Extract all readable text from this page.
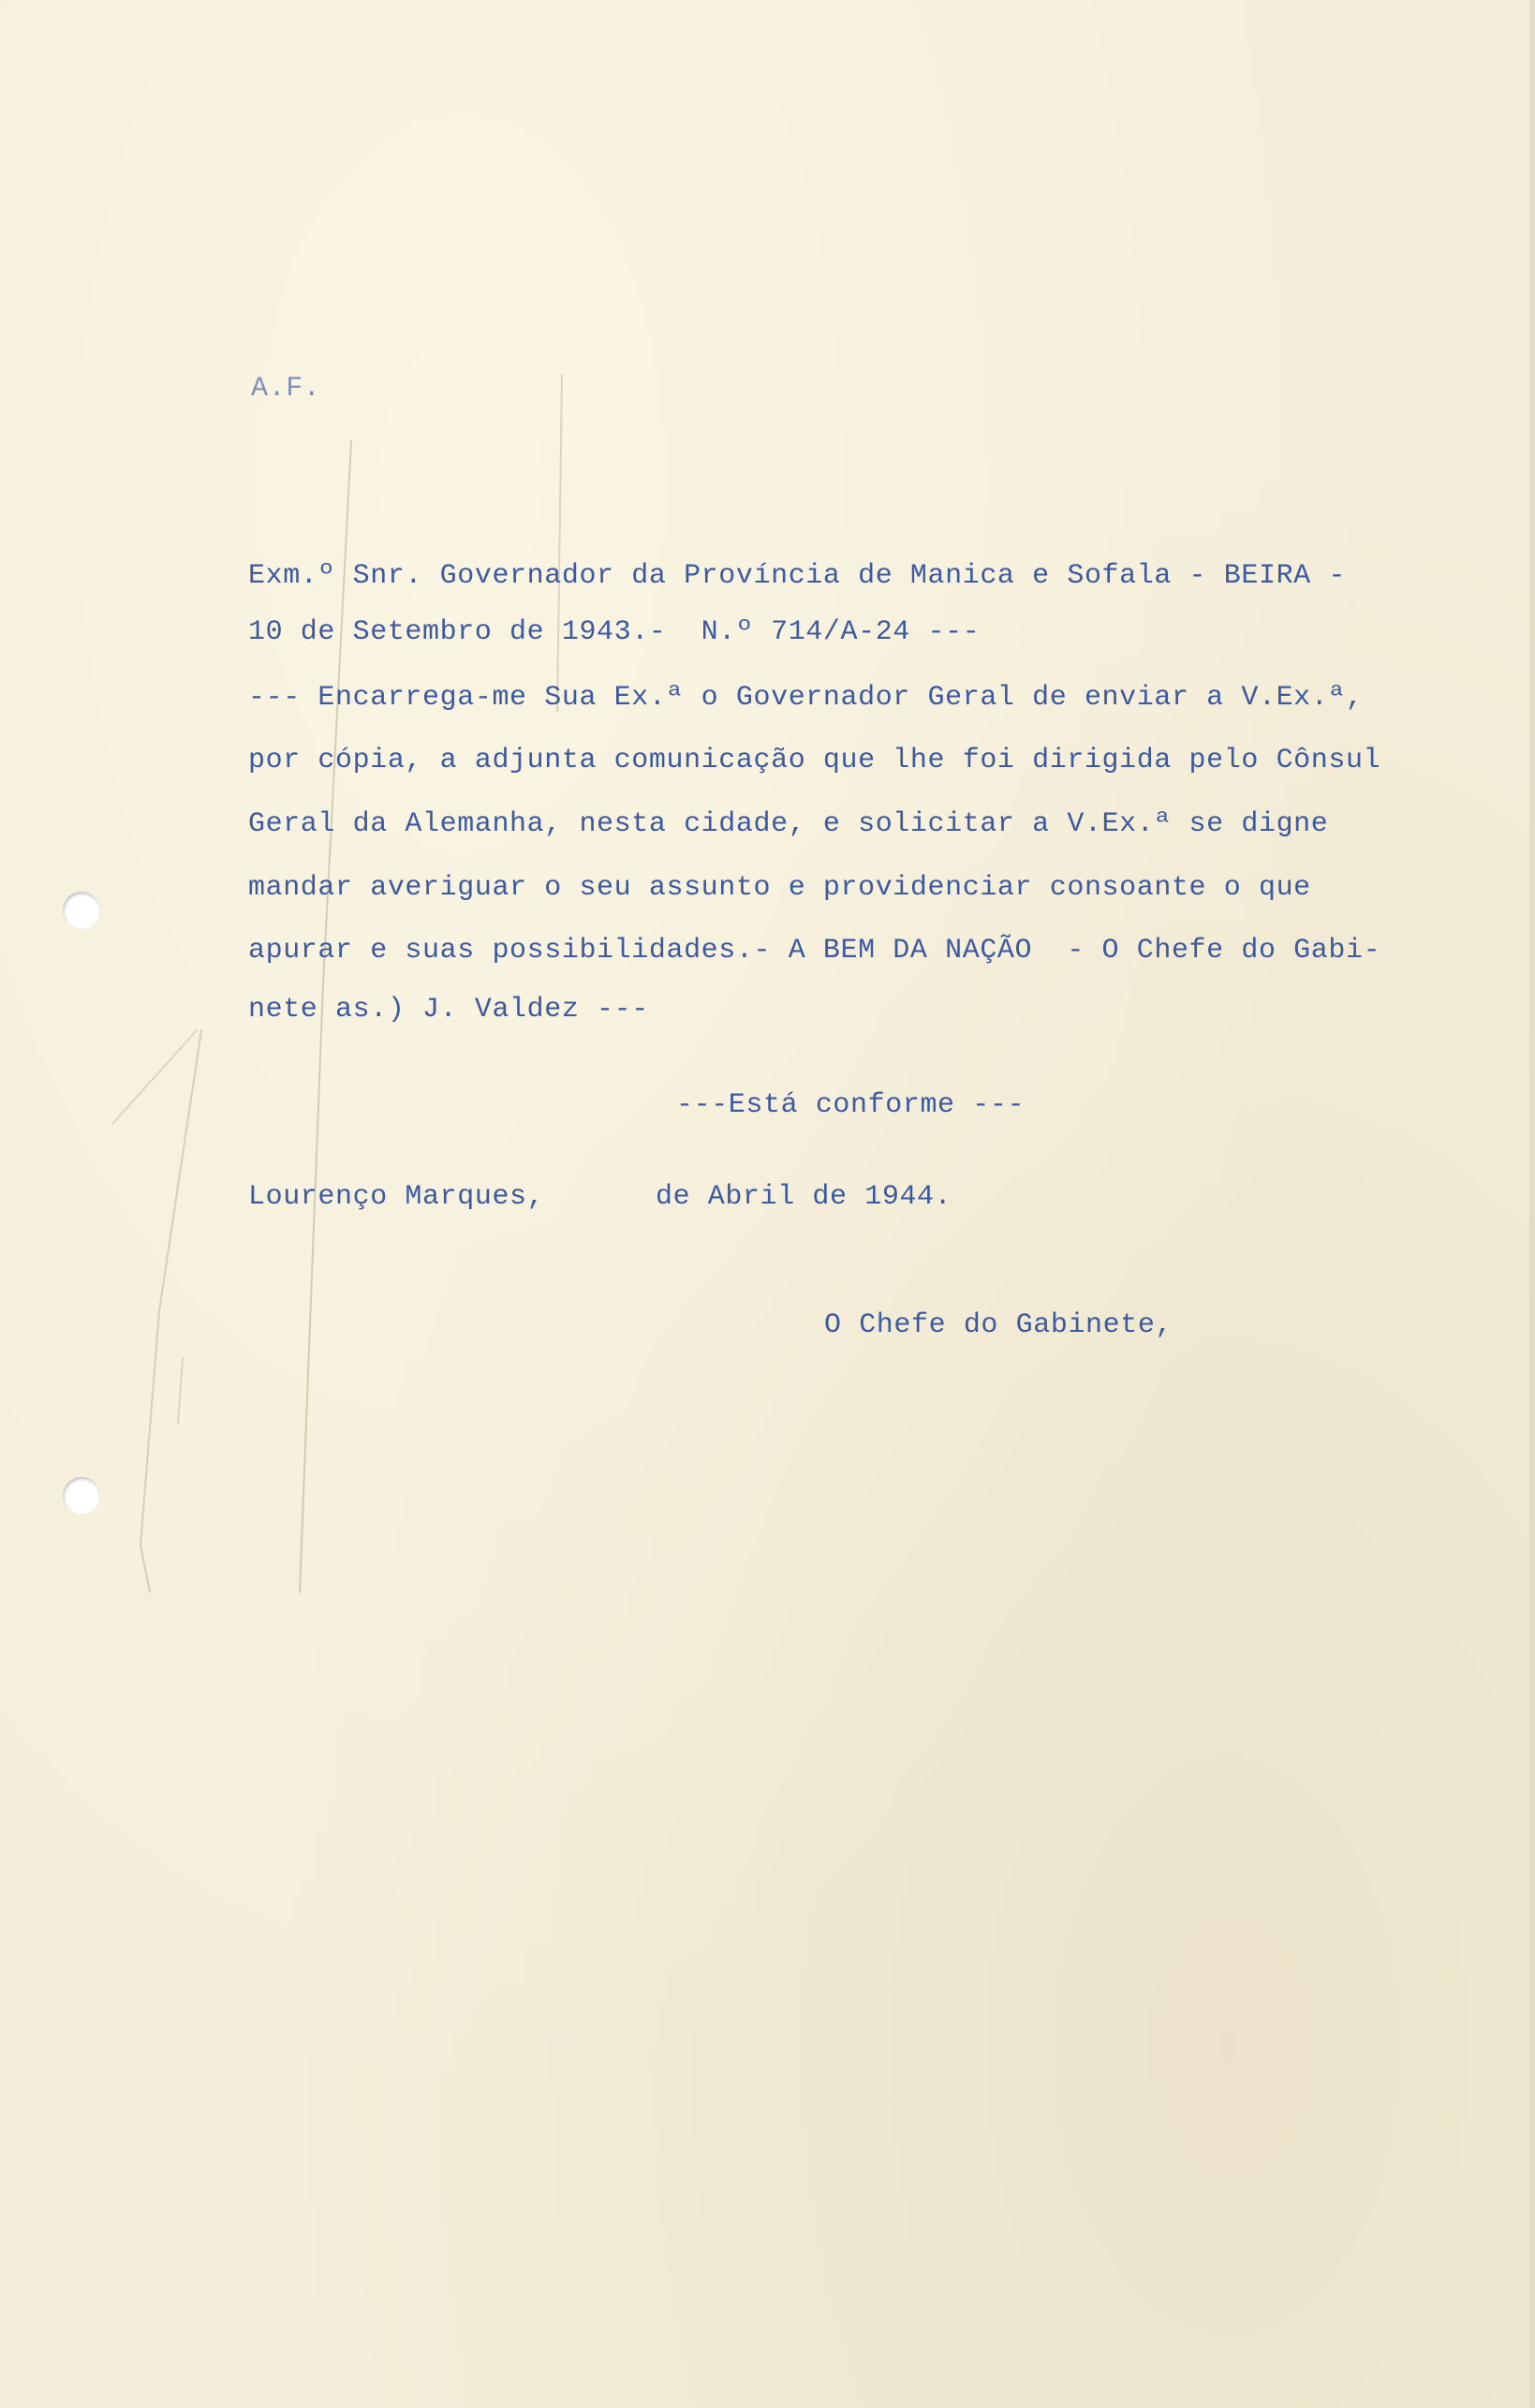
A.F.
Exm.º Snr. Governador da Província de Manica e Sofala - BEIRA -
10 de Setembro de 1943.-  N.º 714/A-24 ---
--- Encarrega-me Sua Ex.ª o Governador Geral de enviar a V.Ex.ª,
por cópia, a adjunta comunicação que lhe foi dirigida pelo Cônsul
Geral da Alemanha, nesta cidade, e solicitar a V.Ex.ª se digne
mandar averiguar o seu assunto e providenciar consoante o que
apurar e suas possibilidades.- A BEM DA NAÇÃO  - O Chefe do Gabi-
nete as.) J. Valdez ---
---Está conforme ---
Lourenço Marques,	de Abril de 1944.
O Chefe do Gabinete,
